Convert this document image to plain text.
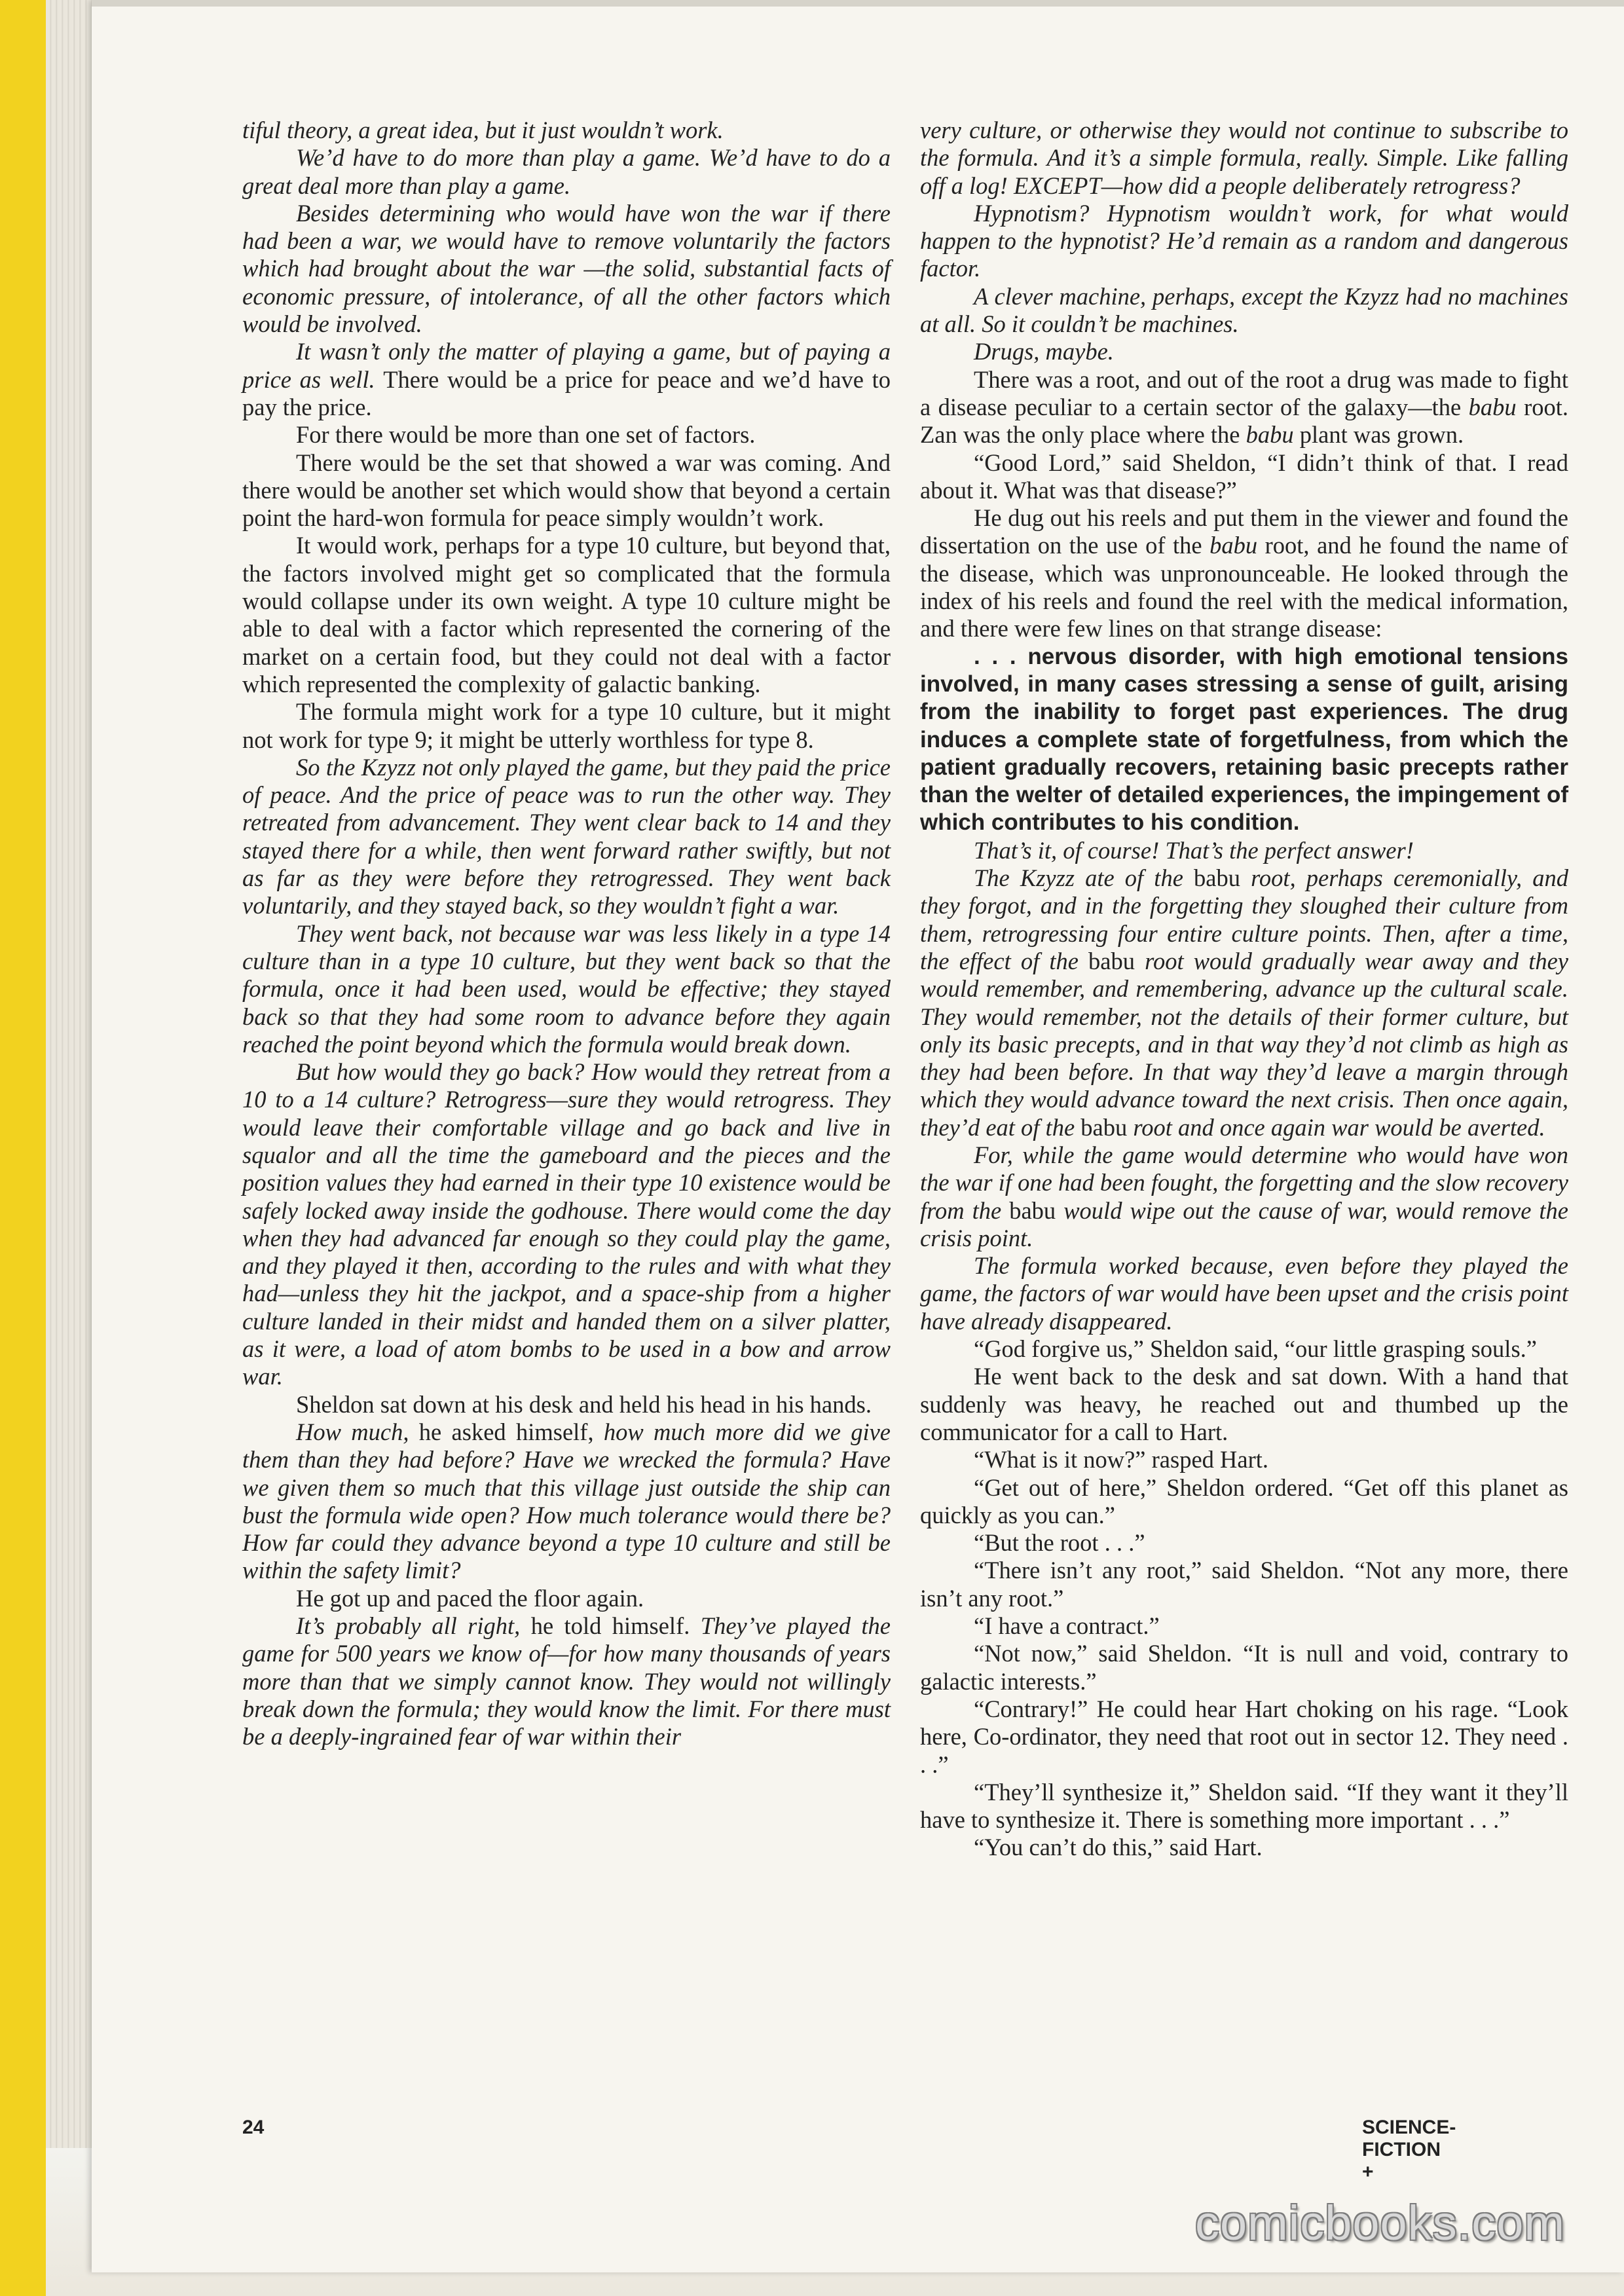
tiful theory, a great idea, but it just wouldn’t work.

We’d have to do more than play a game. We’d have to do a great deal more than play a game.

Besides determining who would have won the war if there had been a war, we would have to remove voluntarily the factors which had brought about the war —the solid, substantial facts of economic pressure, of intolerance, of all the other factors which would be involved.

It wasn’t only the matter of playing a game, but of paying a price as well. There would be a price for peace and we’d have to pay the price.

For there would be more than one set of factors.

There would be the set that showed a war was coming. And there would be another set which would show that beyond a certain point the hard-won formula for peace simply wouldn’t work.

It would work, perhaps for a type 10 culture, but beyond that, the factors involved might get so complicated that the formula would collapse under its own weight. A type 10 culture might be able to deal with a factor which represented the cornering of the market on a certain food, but they could not deal with a factor which represented the complexity of galactic banking.

The formula might work for a type 10 culture, but it might not work for type 9; it might be utterly worthless for type 8.

So the Kzyzz not only played the game, but they paid the price of peace. And the price of peace was to run the other way. They retreated from advancement. They went clear back to 14 and they stayed there for a while, then went forward rather swiftly, but not as far as they were before they retrogressed. They went back voluntarily, and they stayed back, so they wouldn’t fight a war.

They went back, not because war was less likely in a type 14 culture than in a type 10 culture, but they went back so that the formula, once it had been used, would be effective; they stayed back so that they had some room to advance before they again reached the point beyond which the formula would break down.

But how would they go back? How would they retreat from a 10 to a 14 culture? Retrogress—sure they would retrogress. They would leave their comfortable village and go back and live in squalor and all the time the gameboard and the pieces and the position values they had earned in their type 10 existence would be safely locked away inside the godhouse. There would come the day when they had advanced far enough so they could play the game, and they played it then, according to the rules and with what they had—unless they hit the jackpot, and a space-ship from a higher culture landed in their midst and handed them on a silver platter, as it were, a load of atom bombs to be used in a bow and arrow war.

Sheldon sat down at his desk and held his head in his hands.

How much, he asked himself, how much more did we give them than they had before? Have we wrecked the formula? Have we given them so much that this village just outside the ship can bust the formula wide open? How much tolerance would there be? How far could they advance beyond a type 10 culture and still be within the safety limit?

He got up and paced the floor again.

It’s probably all right, he told himself. They’ve played the game for 500 years we know of—for how many thousands of years more than that we simply cannot know. They would not willingly break down the formula; they would know the limit. For there must be a deeply-ingrained fear of war within their

very culture, or otherwise they would not continue to subscribe to the formula. And it’s a simple formula, really. Simple. Like falling off a log! EXCEPT—how did a people deliberately retrogress?

Hypnotism? Hypnotism wouldn’t work, for what would happen to the hypnotist? He’d remain as a random and dangerous factor.

A clever machine, perhaps, except the Kzyzz had no machines at all. So it couldn’t be machines.

Drugs, maybe.

There was a root, and out of the root a drug was made to fight a disease peculiar to a certain sector of the galaxy—the babu root. Zan was the only place where the babu plant was grown.

“Good Lord,” said Sheldon, “I didn’t think of that. I read about it. What was that disease?”

He dug out his reels and put them in the viewer and found the dissertation on the use of the babu root, and he found the name of the disease, which was unpronounceable. He looked through the index of his reels and found the reel with the medical information, and there were few lines on that strange disease:

. . . nervous disorder, with high emotional tensions involved, in many cases stressing a sense of guilt, arising from the inability to forget past experiences. The drug induces a complete state of forgetfulness, from which the patient gradually recovers, retaining basic precepts rather than the welter of detailed experiences, the impingement of which contributes to his condition.

That’s it, of course! That’s the perfect answer!

The Kzyzz ate of the babu root, perhaps ceremonially, and they forgot, and in the forgetting they sloughed their culture from them, retrogressing four entire culture points. Then, after a time, the effect of the babu root would gradually wear away and they would remember, and remembering, advance up the cultural scale. They would remember, not the details of their former culture, but only its basic precepts, and in that way they’d not climb as high as they had been before. In that way they’d leave a margin through which they would advance toward the next crisis. Then once again, they’d eat of the babu root and once again war would be averted.

For, while the game would determine who would have won the war if one had been fought, the forgetting and the slow recovery from the babu would wipe out the cause of war, would remove the crisis point.

The formula worked because, even before they played the game, the factors of war would have been upset and the crisis point have already disappeared.

“God forgive us,” Sheldon said, “our little grasping souls.”

He went back to the desk and sat down. With a hand that suddenly was heavy, he reached out and thumbed up the communicator for a call to Hart.

“What is it now?” rasped Hart.

“Get out of here,” Sheldon ordered. “Get off this planet as quickly as you can.”

“But the root . . .”

“There isn’t any root,” said Sheldon. “Not any more, there isn’t any root.”

“I have a contract.”

“Not now,” said Sheldon. “It is null and void, contrary to galactic interests.”

“Contrary!” He could hear Hart choking on his rage. “Look here, Co-ordinator, they need that root out in sector 12. They need . . .”

“They’ll synthesize it,” Sheldon said. “If they want it they’ll have to synthesize it. There is something more important . . .”

“You can’t do this,” said Hart.

24
comicbooks.com
